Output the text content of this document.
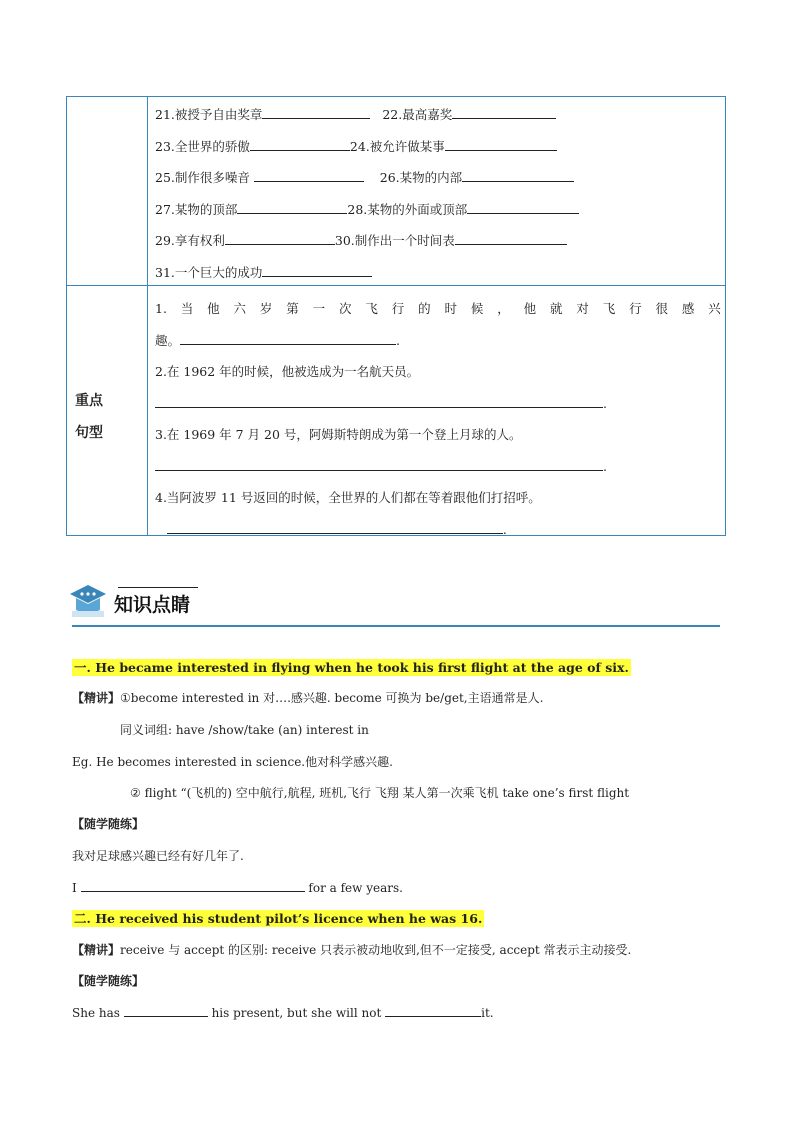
21.被授予自由奖章	22.最高嘉奖
23.全世界的骄傲	24.被允许做某事
25.制作很多噪音	26.某物的内部
27.某物的顶部	28.某物的外面或顶部
29.享有权利	30.制作出一个时间表
31.一个巨大的成功
重点
句型
1. 当 他 六 岁 第 一 次 飞 行 的 时 候 ， 他 就 对 飞 行 很 感 兴
趣。	.
2.在 1962 年的时候，他被选成为一名航天员。
.
3.在 1969 年 7 月 20 号，阿姆斯特朗成为第一个登上月球的人。
.
4.当阿波罗 11 号返回的时候，全世界的人们都在等着跟他们打招呼。
.
知识点睛
一. He became interested in flying when he took his first flight at the age of six.
【精讲】①become interested in 对….感兴趣. become 可换为 be/get,主语通常是人.
同义词组: have /show/take (an) interest in
Eg. He becomes interested in science.他对科学感兴趣.
② flight “(飞机的) 空中航行,航程, 班机,飞行 飞翔 某人第一次乘飞机 take one’s first flight
【随学随练】
我对足球感兴趣已经有好几年了.
I	for a few years.
二. He received his student pilot’s licence when he was 16.
【精讲】receive 与 accept 的区别: receive 只表示被动地收到,但不一定接受, accept 常表示主动接受.
【随学随练】
She has	his present, but she will not	it.
